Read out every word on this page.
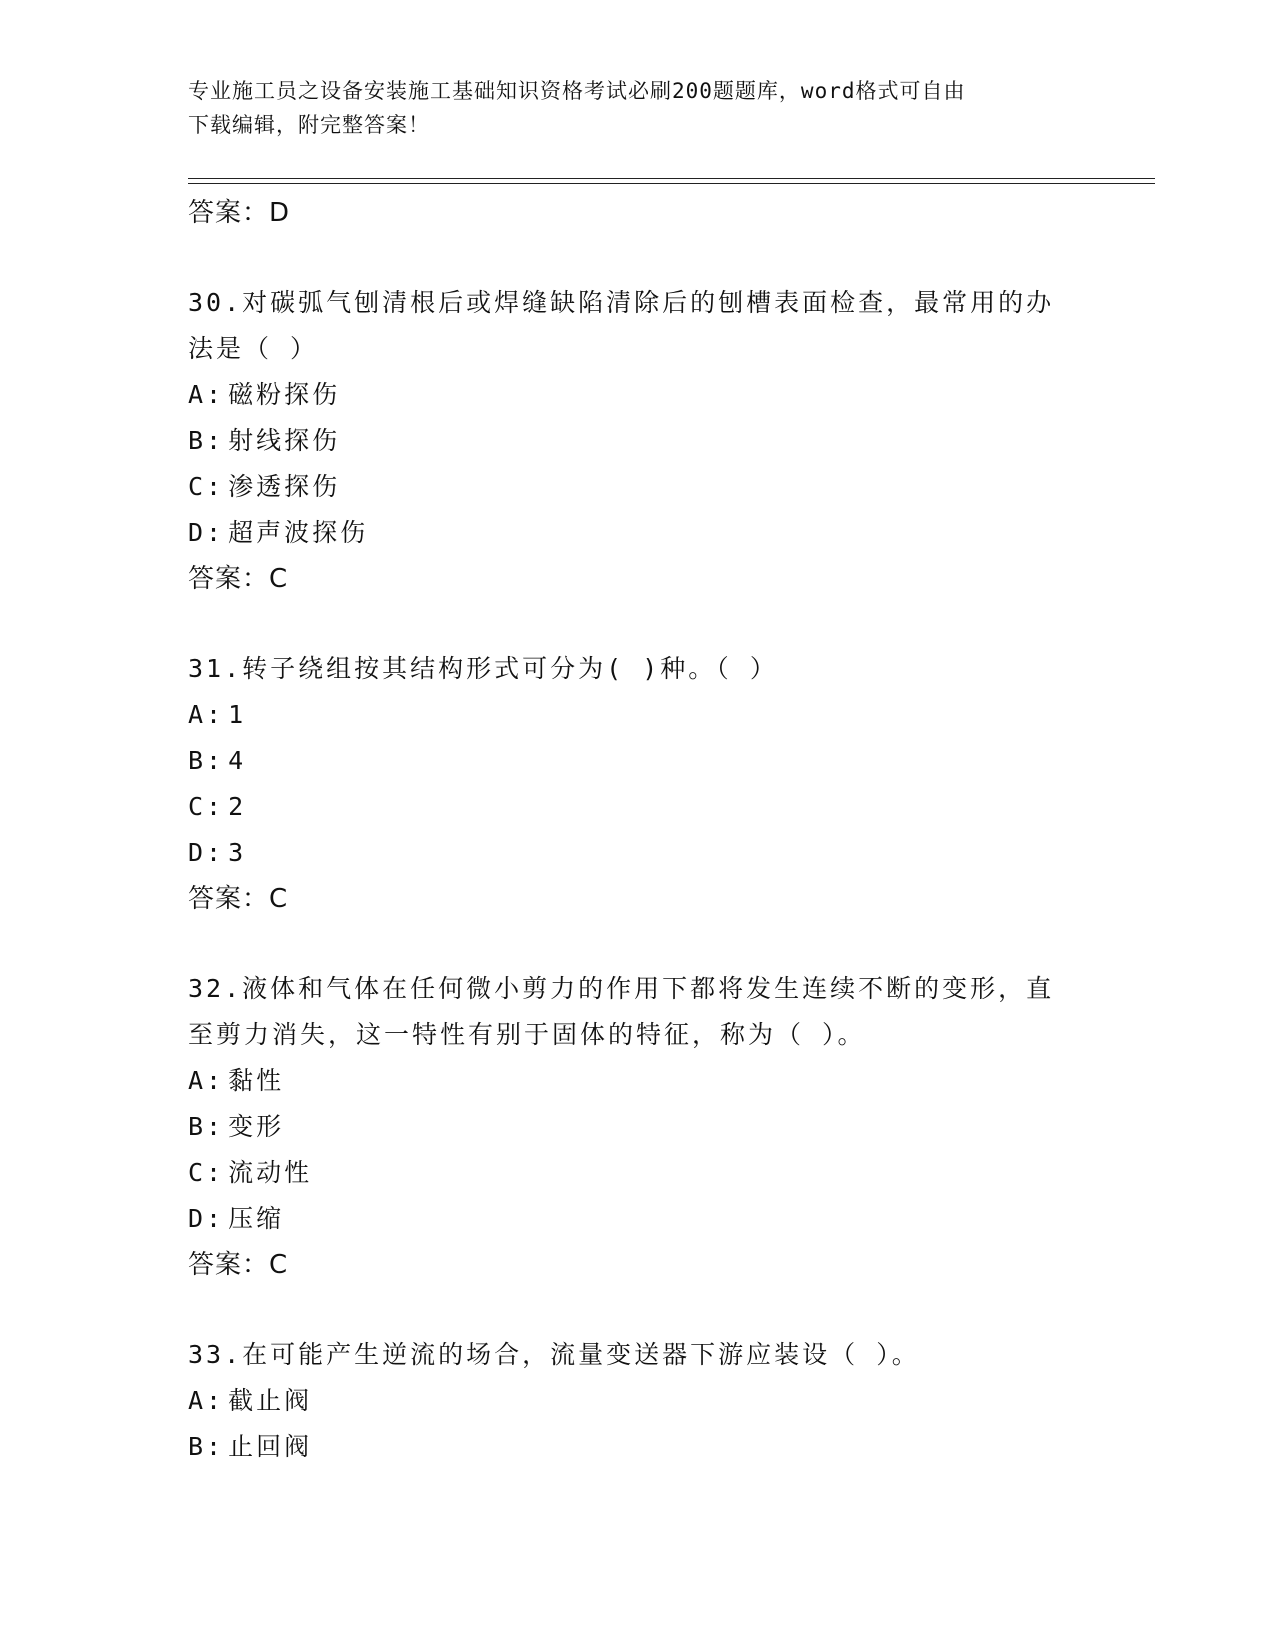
专业施工员之设备安装施工基础知识资格考试必刷200题题库，word格式可自由
下载编辑，附完整答案！
答案：D
30.对碳弧气刨清根后或焊缝缺陷清除后的刨槽表面检查，最常用的办
法是（ ）
A: 磁粉探伤
B: 射线探伤
C: 渗透探伤
D: 超声波探伤
答案：C
31.转子绕组按其结构形式可分为( )种。（ ）
A: 1
B: 4
C: 2
D: 3
答案：C
32.液体和气体在任何微小剪力的作用下都将发生连续不断的变形，直
至剪力消失，这一特性有别于固体的特征，称为（ ）。
A: 黏性
B: 变形
C: 流动性
D: 压缩
答案：C
33.在可能产生逆流的场合，流量变送器下游应装设（ ）。
A: 截止阀
B: 止回阀
